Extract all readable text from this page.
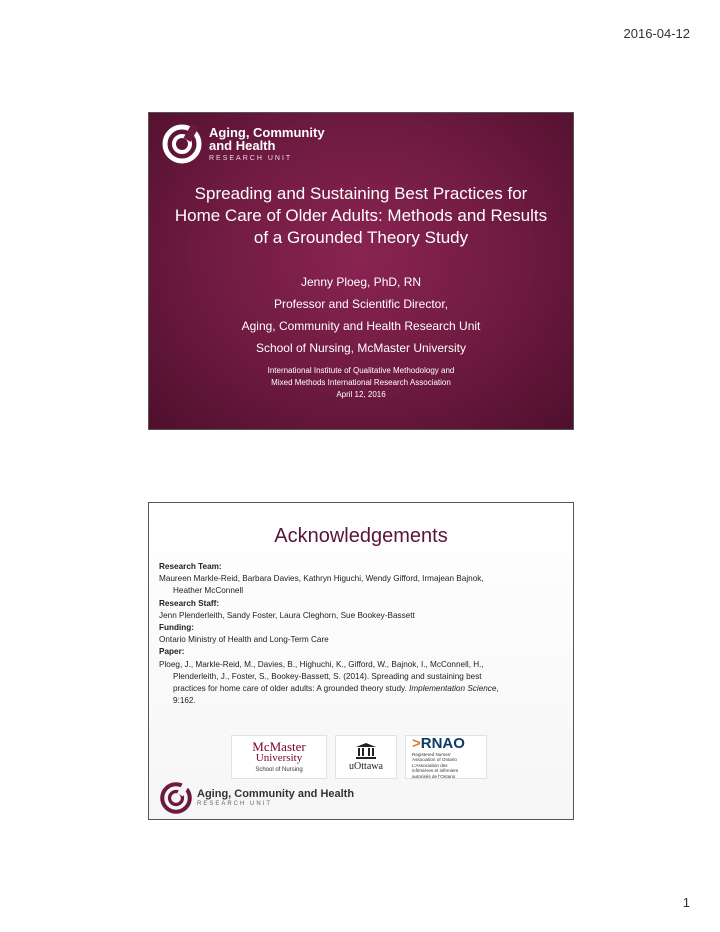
2016-04-12
Aging, Community
and Health
RESEARCH UNIT
Spreading and Sustaining Best Practices for
Home Care of Older Adults: Methods and Results
of a Grounded Theory Study
Jenny Ploeg, PhD, RN
Professor and Scientific Director,
Aging, Community and Health Research Unit
School of Nursing, McMaster University
International Institute of Qualitative Methodology and
Mixed Methods International Research Association
April 12, 2016
Acknowledgements
Research Team:
Maureen Markle-Reid, Barbara Davies, Kathryn Higuchi, Wendy Gifford, Irmajean Bajnok,
Heather McConnell
Research Staff:
Jenn Plenderleith, Sandy Foster, Laura Cleghorn, Sue Bookey-Bassett
Funding:
Ontario Ministry of Health and Long-Term Care
Paper:
Ploeg, J., Markle-Reid, M., Davies, B., Highuchi, K., Gifford, W., Bajnok, I., McConnell, H.,
Plenderleith, J., Foster, S., Bookey-Bassett, S. (2014). Spreading and sustaining best
practices for home care of older adults: A grounded theory study. Implementation Science,
9:162.
McMaster
University
School of Nursing	uOttawa
>RNAO
Registered Nurses'
Association of Ontario
L'Association des
infirmières et infirmiers
autorisés de l'Ontario
Aging, Community and Health
RESEARCH UNIT
1
